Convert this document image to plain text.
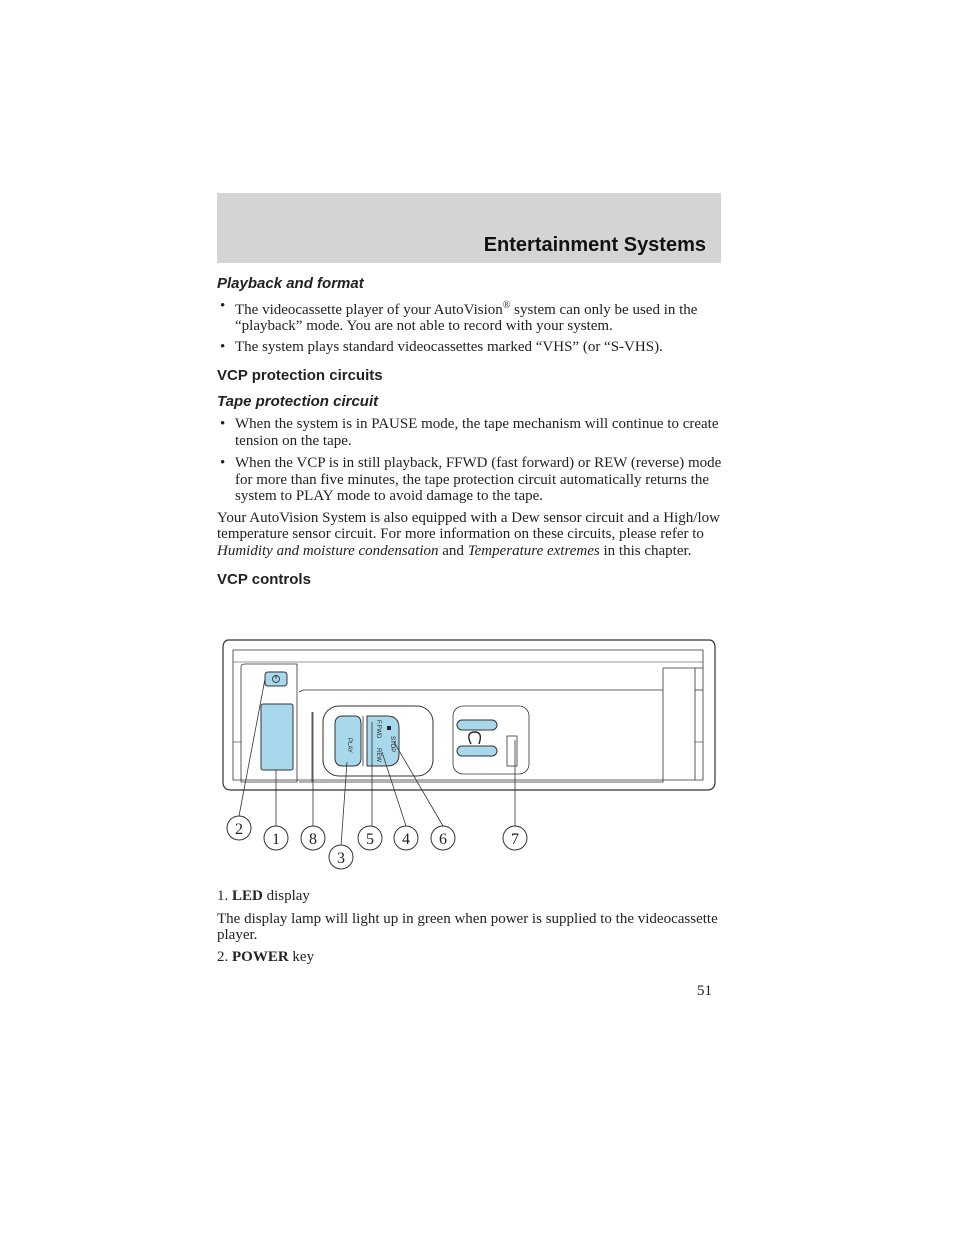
Entertainment Systems
Playback and format
• The videocassette player of your AutoVision® system can only be used in the “playback” mode. You are not able to record with your system.
• The system plays standard videocassettes marked “VHS” (or “S-VHS).
VCP protection circuits
Tape protection circuit
• When the system is in PAUSE mode, the tape mechanism will continue to create tension on the tape.
• When the VCP is in still playback, FFWD (fast forward) or REW (reverse) mode for more than five minutes, the tape protection circuit automatically returns the system to PLAY mode to avoid damage to the tape.

Your AutoVision System is also equipped with a Dew sensor circuit and a High/low temperature sensor circuit. For more information on these circuits, please refer to Humidity and moisture condensation and Temperature extremes in this chapter.

VCP controls
PLAY
F.FWD
REW
STOP
2
1 8
3
5 4 6	7

1. LED display

The display lamp will light up in green when power is supplied to the videocassette player.

2. POWER key

51
